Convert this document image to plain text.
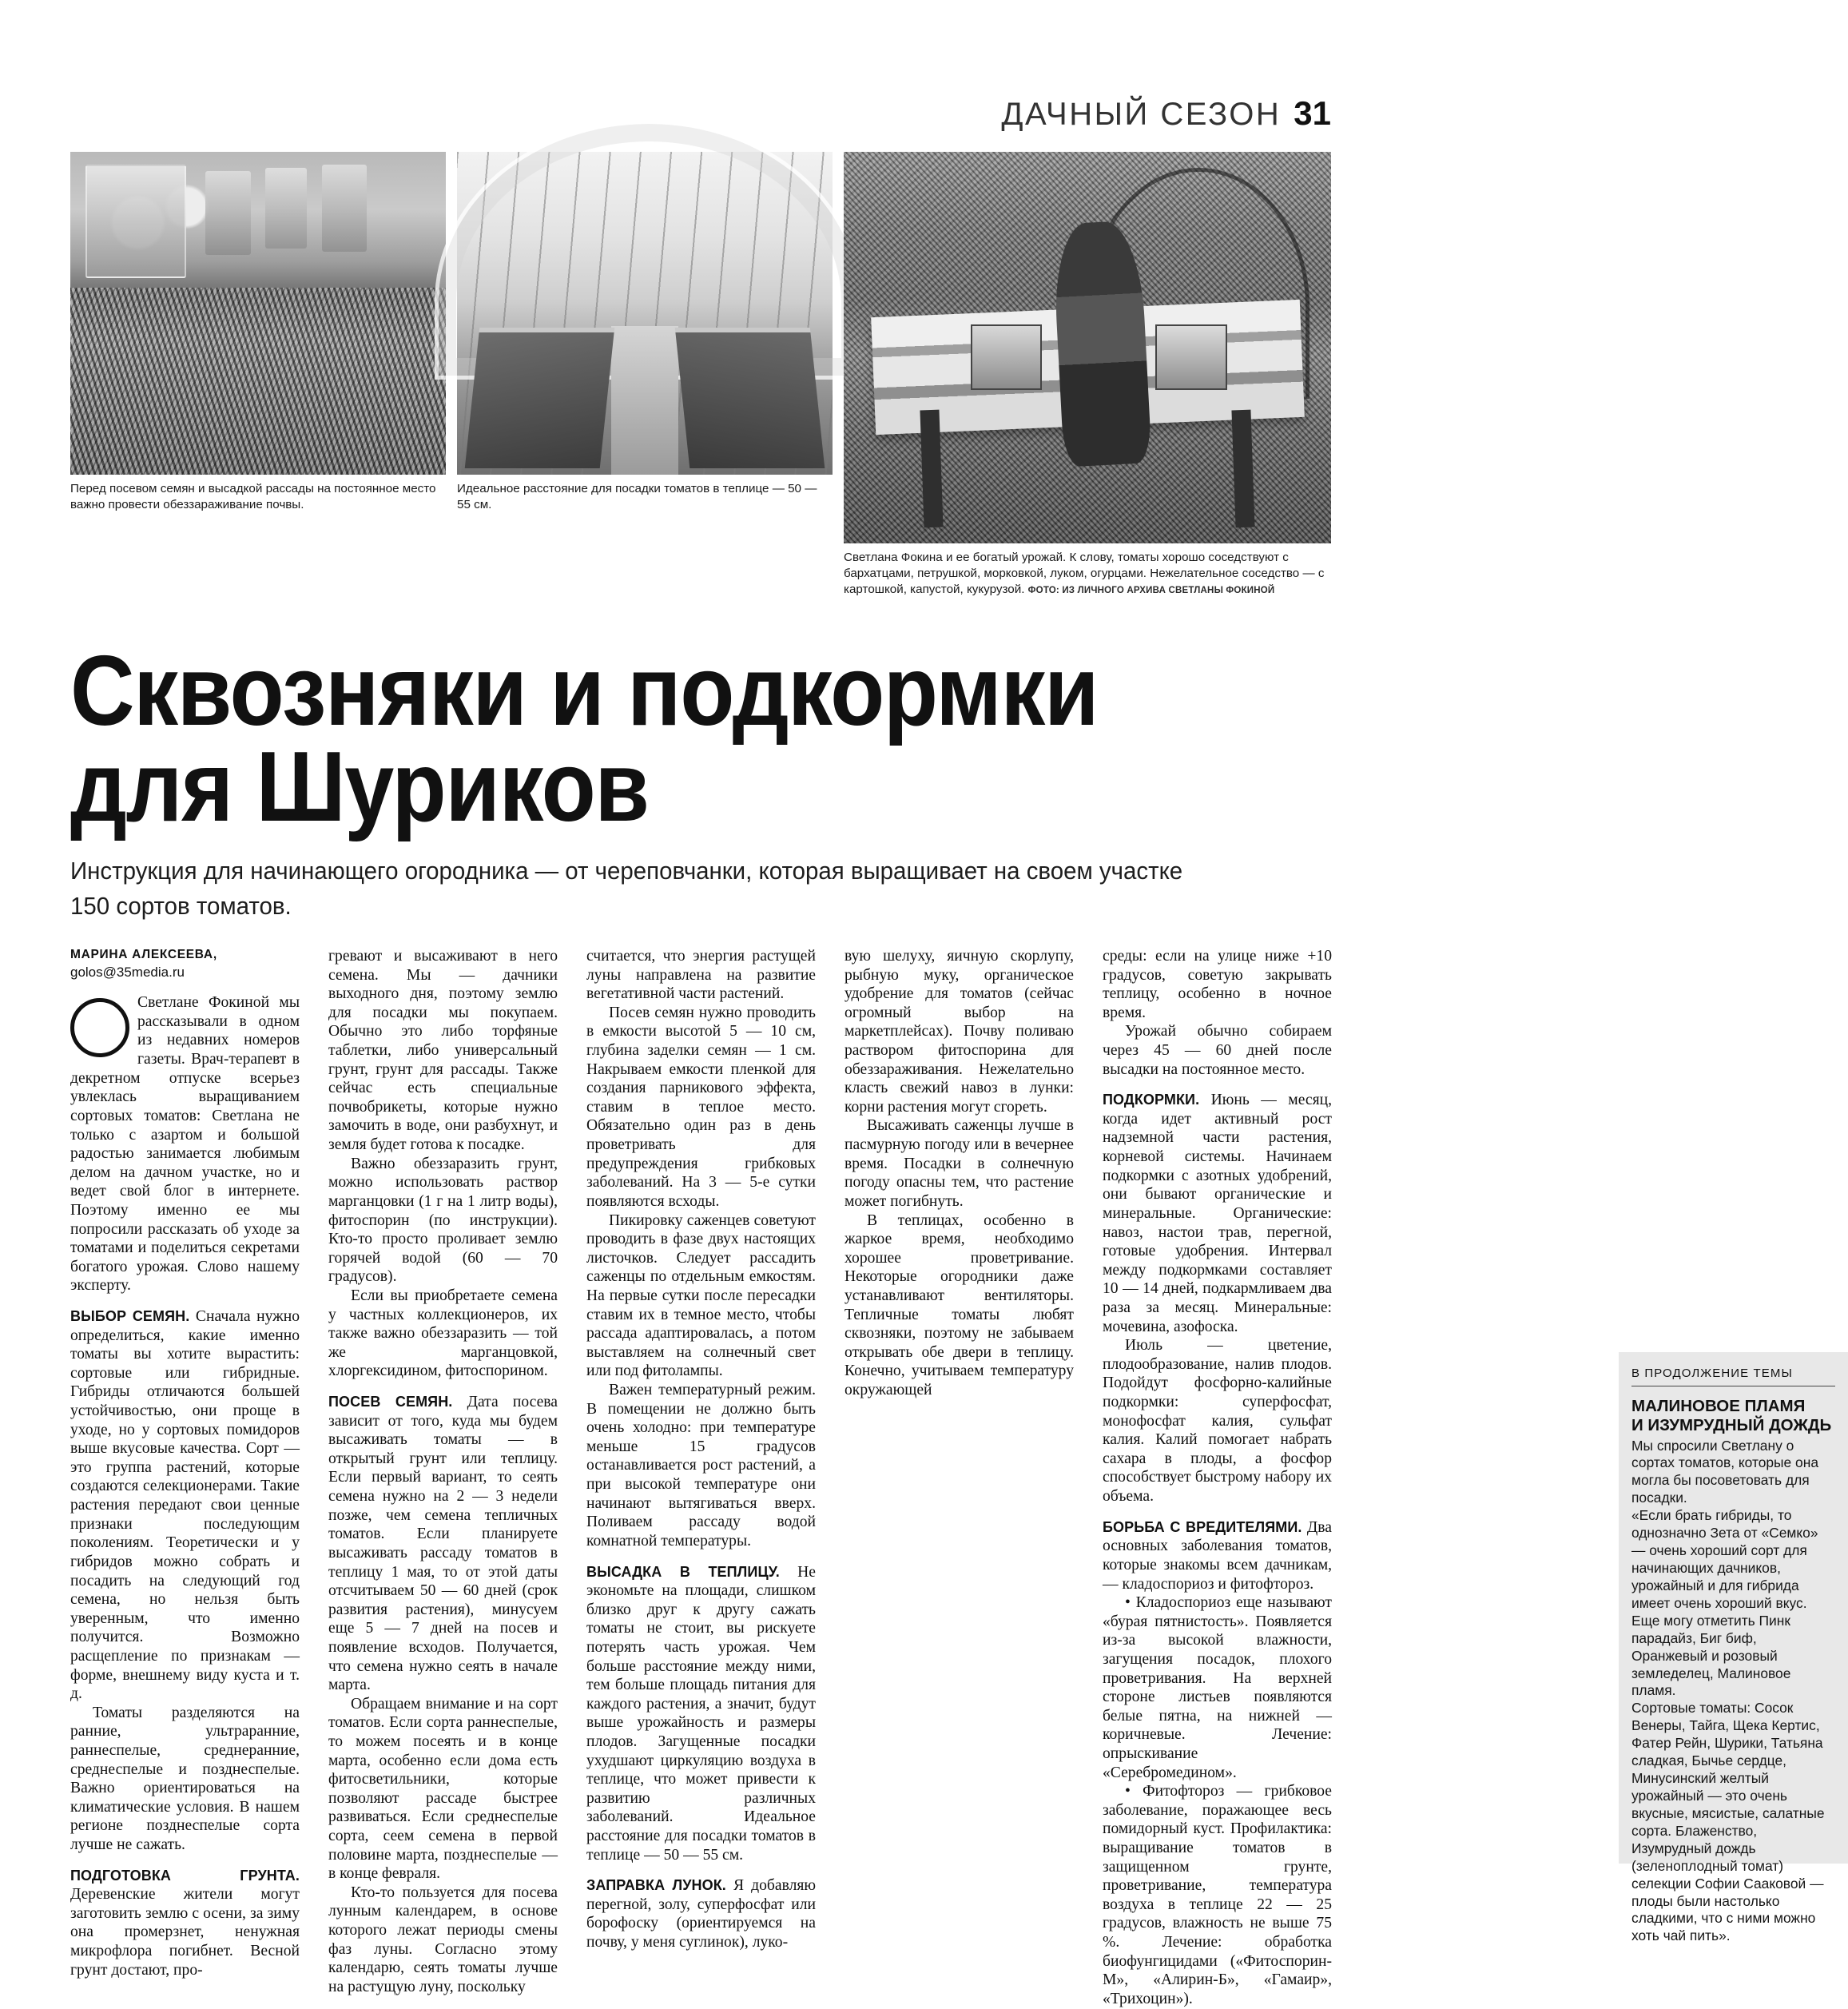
ДАЧНЫЙ СЕЗОН 31
Перед посевом семян и высадкой рассады на постоянное место важно провести обеззараживание почвы.
Идеальное расстояние для посадки томатов в теплице — 50 — 55 см.
Светлана Фокина и ее богатый урожай. К слову, томаты хорошо соседствуют с бархатцами, петрушкой, морковкой, луком, огурцами. Нежелательное соседство — с картошкой, капустой, кукурузой. ФОТО: ИЗ ЛИЧНОГО АРХИВА СВЕТЛАНЫ ФОКИНОЙ
Сквозняки и подкормки
для Шуриков
Инструкция для начинающего огородника — от череповчанки, которая выращивает на своем участке 150 сортов томатов.
МАРИНА АЛЕКСЕЕВА,
golos@35media.ru

Светлане Фокиной мы рассказывали в одном из недавних номеров газеты. Врач-терапевт в декретном отпуске всерьез увлеклась выращиванием сортовых томатов: Светлана не только с азартом и большой радостью занимается любимым делом на дачном участке, но и ведет свой блог в интернете. Поэтому именно ее мы попросили рассказать об уходе за томатами и поделиться секретами богатого урожая. Слово нашему эксперту.

ВЫБОР СЕМЯН. Сначала нужно определиться, какие именно томаты вы хотите вырастить: сортовые или гибридные. Гибриды отличаются большей устойчивостью, они проще в уходе, но у сортовых помидоров выше вкусовые качества. Сорт — это группа растений, которые создаются селекционерами. Такие растения передают свои ценные признаки последующим поколениям. Теоретически и у гибридов можно собрать и посадить на следующий год семена, но нельзя быть уверенным, что именно получится. Возможно расщепление по признакам — форме, внешнему виду куста и т. д.

Томаты разделяются на ранние, ультраранние, раннеспелые, среднеранние, среднеспелые и позднеспелые. Важно ориентироваться на климатические условия. В нашем регионе позднеспелые сорта лучше не сажать.

ПОДГОТОВКА ГРУНТА. Деревенские жители могут заготовить землю с осени, за зиму она промерзнет, ненужная микрофлора погибнет. Весной грунт достают, про-

гревают и высаживают в него семена. Мы — дачники выходного дня, поэтому землю для посадки мы покупаем. Обычно это либо торфяные таблетки, либо универсальный грунт, грунт для рассады. Также сейчас есть специальные почвобрикеты, которые нужно замочить в воде, они разбухнут, и земля будет готова к посадке.

Важно обеззаразить грунт, можно использовать раствор марганцовки (1 г на 1 литр воды), фитоспорин (по инструкции). Кто-то просто проливает землю горячей водой (60 — 70 градусов).

Если вы приобретаете семена у частных коллекционеров, их также важно обеззаразить — той же марганцовкой, хлоргексидином, фитоспорином.

ПОСЕВ СЕМЯН. Дата посева зависит от того, куда мы будем высаживать томаты — в открытый грунт или теплицу. Если первый вариант, то сеять семена нужно на 2 — 3 недели позже, чем семена тепличных томатов. Если планируете высаживать рассаду томатов в теплицу 1 мая, то от этой даты отсчитываем 50 — 60 дней (срок развития растения), минусуем еще 5 — 7 дней на посев и появление всходов. Получается, что семена нужно сеять в начале марта.

Обращаем внимание и на сорт томатов. Если сорта раннеспелые, то можем посеять и в конце марта, особенно если дома есть фитосветильники, которые позволяют рассаде быстрее развиваться. Если среднеспелые сорта, сеем семена в первой половине марта, позднеспелые — в конце февраля.

Кто-то пользуется для посева лунным календарем, в основе которого лежат периоды смены фаз луны. Согласно этому календарю, сеять томаты лучше на растущую луну, поскольку

считается, что энергия растущей луны направлена на развитие вегетативной части растений.

Посев семян нужно проводить в емкости высотой 5 — 10 см, глубина заделки семян — 1 см. Накрываем емкости пленкой для создания парникового эффекта, ставим в теплое место. Обязательно один раз в день проветривать для предупреждения грибковых заболеваний. На 3 — 5-е сутки появляются всходы.

Пикировку саженцев советуют проводить в фазе двух настоящих листочков. Следует рассадить саженцы по отдельным емкостям. На первые сутки после пересадки ставим их в темное место, чтобы рассада адаптировалась, а потом выставляем на солнечный свет или под фитолампы.

Важен температурный режим. В помещении не должно быть очень холодно: при температуре меньше 15 градусов останавливается рост растений, а при высокой температуре они начинают вытягиваться вверх. Поливаем рассаду водой комнатной температуры.

ВЫСАДКА В ТЕПЛИЦУ. Не экономьте на площади, слишком близко друг к другу сажать томаты не стоит, вы рискуете потерять часть урожая. Чем больше расстояние между ними, тем больше площадь питания для каждого растения, а значит, будут выше урожайность и размеры плодов. Загущенные посадки ухудшают циркуляцию воздуха в теплице, что может привести к развитию различных заболеваний. Идеальное расстояние для посадки томатов в теплице — 50 — 55 см.

ЗАПРАВКА ЛУНОК. Я добавляю перегной, золу, суперфосфат или борофоску (ориентируемся на почву, у меня суглинок), луко-

вую шелуху, яичную скорлупу, рыбную муку, органическое удобрение для томатов (сейчас огромный выбор на маркетплейсах). Почву поливаю раствором фитоспорина для обеззараживания. Нежелательно класть свежий навоз в лунки: корни растения могут сгореть.

Высаживать саженцы лучше в пасмурную погоду или в вечернее время. Посадки в солнечную погоду опасны тем, что растение может погибнуть.

В теплицах, особенно в жаркое время, необходимо хорошее проветривание. Некоторые огородники даже устанавливают вентиляторы. Тепличные томаты любят сквозняки, поэтому не забываем открывать обе двери в теплицу. Конечно, учитываем температуру окружающей

В ПРОДОЛЖЕНИЕ ТЕМЫ
МАЛИНОВОЕ ПЛАМЯ
И ИЗУМРУДНЫЙ ДОЖДЬ

Мы спросили Светлану о сортах томатов, которые она могла бы посоветовать для посадки.

«Если брать гибриды, то однозначно Зета от «Семко» — очень хороший сорт для начинающих дачников, урожайный и для гибрида имеет очень хороший вкус. Еще могу отметить Пинк парадайз, Биг биф, Оранжевый и розовый земледелец, Малиновое пламя.

Сортовые томаты: Сосок Венеры, Тайга, Щека Кертис, Фатер Рейн, Шурики, Татьяна сладкая, Бычье сердце, Минусинский желтый урожайный — это очень вкусные, мясистые, салатные сорта. Блаженство, Изумрудный дождь (зеленоплодный томат) селекции Софии Сааковой — плоды были настолько сладкими, что с ними можно хоть чай пить».

среды: если на улице ниже +10 градусов, советую закрывать теплицу, особенно в ночное время.

Урожай обычно собираем через 45 — 60 дней после высадки на постоянное место.

ПОДКОРМКИ. Июнь — месяц, когда идет активный рост надземной части растения, корневой системы. Начинаем подкормки с азотных удобрений, они бывают органические и минеральные. Органические: навоз, настои трав, перегной, готовые удобрения. Интервал между подкормками составляет 10 — 14 дней, подкармливаем два раза за месяц. Минеральные: мочевина, азофоска.

Июль — цветение, плодообразование, налив плодов. Подойдут фосфорно-калийные подкормки: суперфосфат, монофосфат калия, сульфат калия. Калий помогает набрать сахара в плоды, а фосфор способствует быстрому набору их объема.

БОРЬБА С ВРЕДИТЕЛЯМИ. Два основных заболевания томатов, которые знакомы всем дачникам, — кладоспориоз и фитофтороз.

• Кладоспориоз еще называют «бурая пятнистость». Появляется из-за высокой влажности, загущения посадок, плохого проветривания. На верхней стороне листьев появляются белые пятна, на нижней — коричневые. Лечение: опрыскивание «Серебромедином».

• Фитофтороз — грибковое заболевание, поражающее весь помидорный куст. Профилактика: выращивание томатов в защищенном грунте, проветривание, температура воздуха в теплице 22 — 25 градусов, влажность не выше 75 %. Лечение: обработка биофунгицидами («Фитоспорин-М», «Алирин-Б», «Гамаир», «Трихоцин»).
